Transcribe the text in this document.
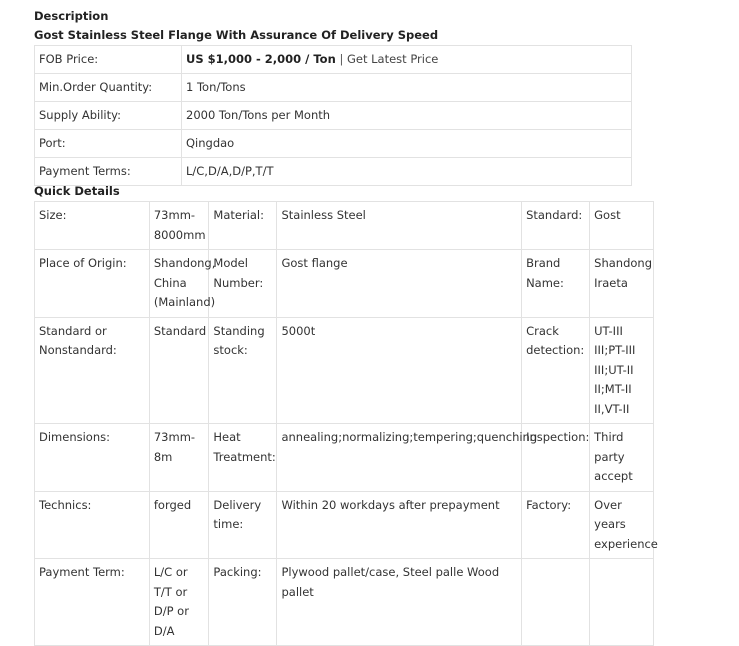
Description
Gost Stainless Steel Flange With Assurance Of Delivery Speed
FOB Price:	US $1,000 - 2,000 / Ton | Get Latest Price
Min.Order Quantity:	1 Ton/Tons
Supply Ability:	2000 Ton/Tons per Month
Port:	Qingdao
Payment Terms:	L/C,D/A,D/P,T/T
Quick Details
Size:	73mm-8000mm	Material:	Stainless Steel	Standard:	Gost
Place of Origin:	Shandong, China (Mainland)	Model Number:	Gost flange	Brand Name:	Shandong Iraeta
Standard or Nonstandard:	Standard	Standing stock:	5000t	Crack detection:	UT-III III;PT-III III;UT-II II;MT-II II,VT-II
Dimensions:	73mm-8m	Heat Treatment:	annealing;normalizing;tempering;quenching	Inspection:	Third party accept
Technics:	forged	Delivery time:	Within 20 workdays after prepayment	Factory:	Over years experience
Payment Term:	L/C or T/T or D/P or D/A	Packing:	Plywood pallet/case, Steel palle Wood pallet		
